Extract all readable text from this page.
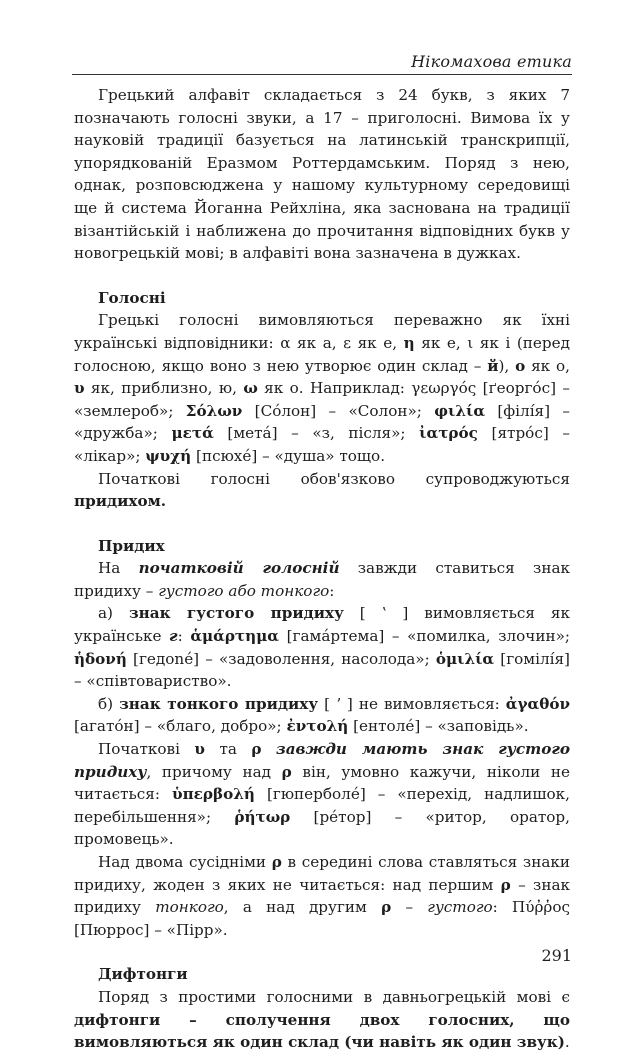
Нікомахова етика

Грецький алфавіт складається з 24 букв, з яких 7 позначають голосні звуки, а 17 – приголосні. Вимова їх у науковій традиції базується на латинській транскрипції, упорядкованій Еразмом Роттердамським. Поряд з нею, однак, розповсюджена у нашому культурному середовищі ще й система Йоганна Рейхліна, яка заснована на традиції візантійській і наближена до прочитання відповідних букв у новогрецькій мові; в алфавіті вона зазначена в дужках.

Голосні

Грецькі голосні вимовляються переважно як їхні українські відповідники: α як а, ε як е, η як е, ι як і (перед голосною, якщо воно з нею утворює один склад – й), ο як о, υ як, приблизно, ю, ω як о. Наприклад: γεωργός [ґеоргóс] – «землероб»; Σόλων [Сóлон] – «Солон»; φιλία [філíя] – «дружба»; μετά [метá] – «з, після»; ἰατρός [ятрóс] – «лікар»; ψυχή [псюхé] – «душа» тощо.

Початкові голосні обов'язково супроводжуються придихом.

Придих

На початковій голосній завжди ставиться знак придиху – густого або тонкого:

а) знак густого придиху [ ʽ ] вимовляється як українське г: ἁμάρτημα [гамáртема] – «помилка, злочин»; ἡδονή [гедоné] – «задоволення, насолода»; ὁμιλία [гомілíя] – «співтовариство».

б) знак тонкого придиху [ ʼ ] не вимовляється: ἀγαθόν [агатóн] – «благо, добро»; ἐντολή [ентолé] – «заповідь».

Початкові υ та ρ завжди мають знак густого придиху, причому над ρ він, умовно кажучи, ніколи не читається: ὑπερβολή [гюперболé] – «перехід, надлишок, перебільшення»; ῥήτωρ [рéтор] – «ритор, оратор, промовець».

Над двома сусідніми ρ в середині слова ставляться знаки придиху, жоден з яких не читається: над першим ρ – знак придиху тонкого, а над другим ρ – густого: Πύῤῥος [Пюррос] – «Пірр».

Дифтонги

Поряд з простими голосними в давньогрецькій мові є дифтонги – сполучення двох голосних, що вимовляються як один склад (чи навіть як один звук).

291
